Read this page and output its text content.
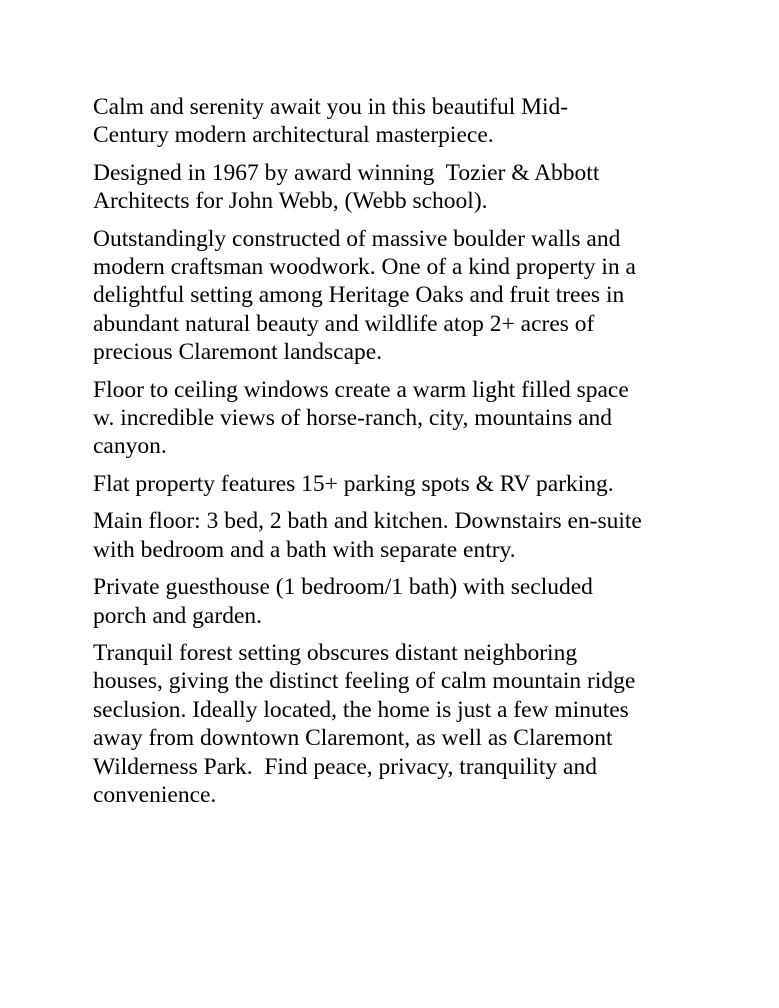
Calm and serenity await you in this beautiful Mid-
Century modern architectural masterpiece.

Designed in 1967 by award winning  Tozier & Abbott
Architects for John Webb, (Webb school).

Outstandingly constructed of massive boulder walls and
modern craftsman woodwork. One of a kind property in a
delightful setting among Heritage Oaks and fruit trees in
abundant natural beauty and wildlife atop 2+ acres of
precious Claremont landscape.

Floor to ceiling windows create a warm light filled space
w. incredible views of horse-ranch, city, mountains and
canyon.

Flat property features 15+ parking spots & RV parking.

Main floor: 3 bed, 2 bath and kitchen. Downstairs en-suite
with bedroom and a bath with separate entry.

Private guesthouse (1 bedroom/1 bath) with secluded
porch and garden.

Tranquil forest setting obscures distant neighboring
houses, giving the distinct feeling of calm mountain ridge
seclusion. Ideally located, the home is just a few minutes
away from downtown Claremont, as well as Claremont
Wilderness Park.  Find peace, privacy, tranquility and
convenience.
